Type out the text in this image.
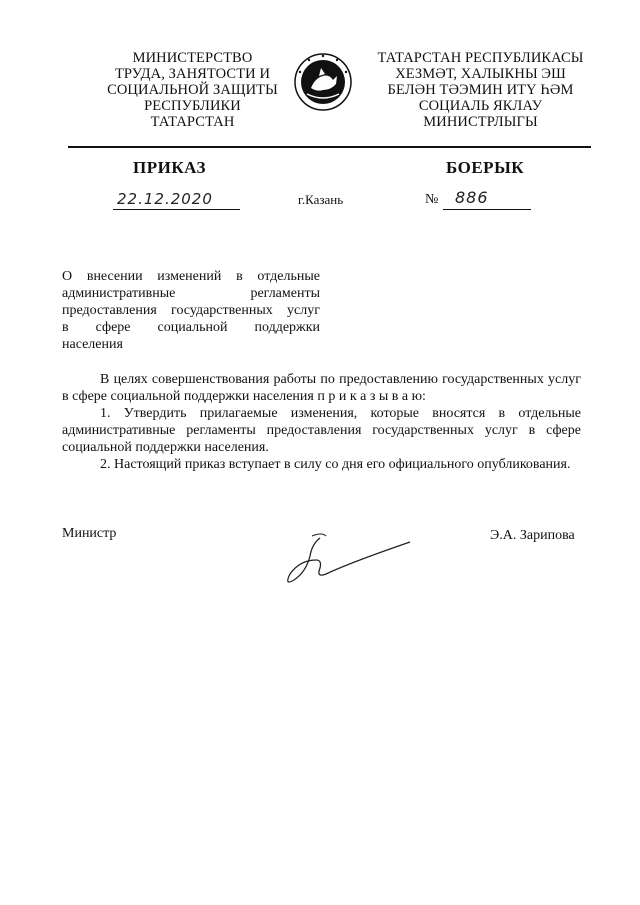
МИНИСТЕРСТВО
ТРУДА, ЗАНЯТОСТИ И
СОЦИАЛЬНОЙ ЗАЩИТЫ
РЕСПУБЛИКИ
ТАТАРСТАН
ТАТАРСТАН РЕСПУБЛИКАСЫ
ХЕЗМӘТ, ХАЛЫКНЫ ЭШ
БЕЛӘН ТӘЭМИН ИТҮ ҺӘМ
СОЦИАЛЬ ЯКЛАУ
МИНИСТРЛЫГЫ
ПРИКАЗ	БОЕРЫК
22.12.2020	г.Казань	№ 886
О внесении изменений в отдельные
административные регламенты
предоставления государственных услуг
в сфере социальной поддержки
населения

В целях совершенствования работы по предоставлению государственных услуг в сфере социальной поддержки населения п р и к а з ы в а ю:

1. Утвердить прилагаемые изменения, которые вносятся в отдельные административные регламенты предоставления государственных услуг в сфере социальной поддержки населения.

2. Настоящий приказ вступает в силу со дня его официального опубликования.

Министр	Э.А. Зарипова
